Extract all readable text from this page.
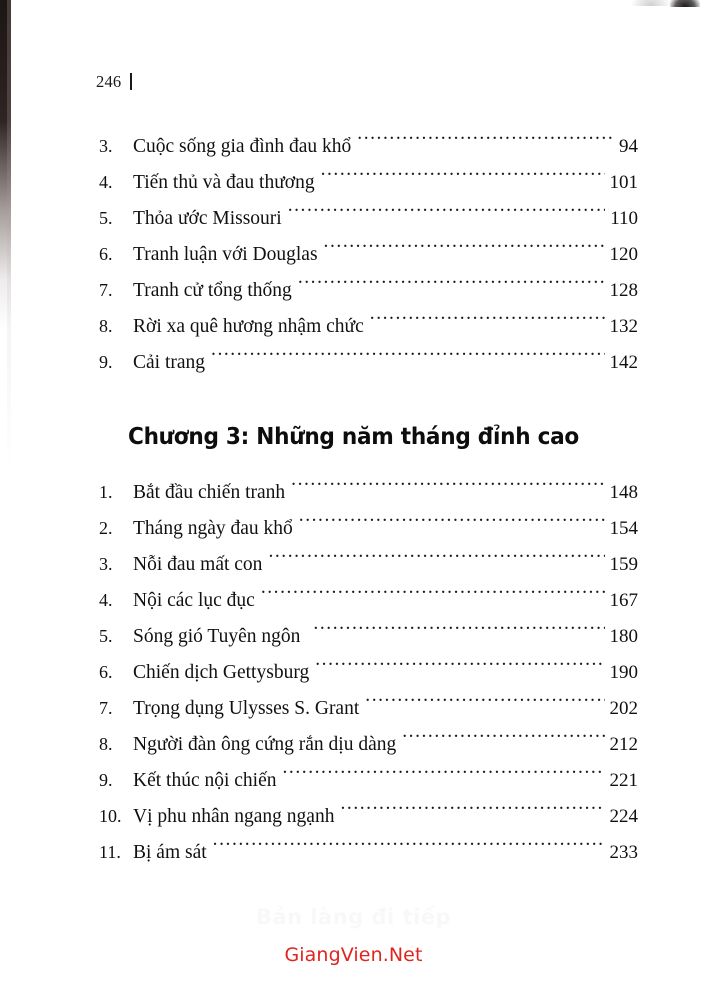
246
3.	Cuộc sống gia đình đau khổ .....	94
4.	Tiến thủ và đau thương .....	101
5.	Thỏa ước Missouri .....	110
6.	Tranh luận với Douglas .....	120
7.	Tranh cử tổng thống .....	128
8.	Rời xa quê hương nhậm chức .....	132
9.	Cải trang .....	142
Chương 3: Những năm tháng đỉnh cao
1.	Bắt đầu chiến tranh .....	148
2.	Tháng ngày đau khổ .....	154
3.	Nỗi đau mất con .....	159
4.	Nội các lục đục .....	167
5.	Sóng gió Tuyên ngôn .....	180
6.	Chiến dịch Gettysburg .....	190
7.	Trọng dụng Ulysses S. Grant .....	202
8.	Người đàn ông cứng rắn dịu dàng .....	212
9.	Kết thúc nội chiến .....	221
10. Vị phu nhân ngang ngạnh .....	224
11. Bị ám sát .....	233
Bản làng đi tiếp
GiangVien.Net
